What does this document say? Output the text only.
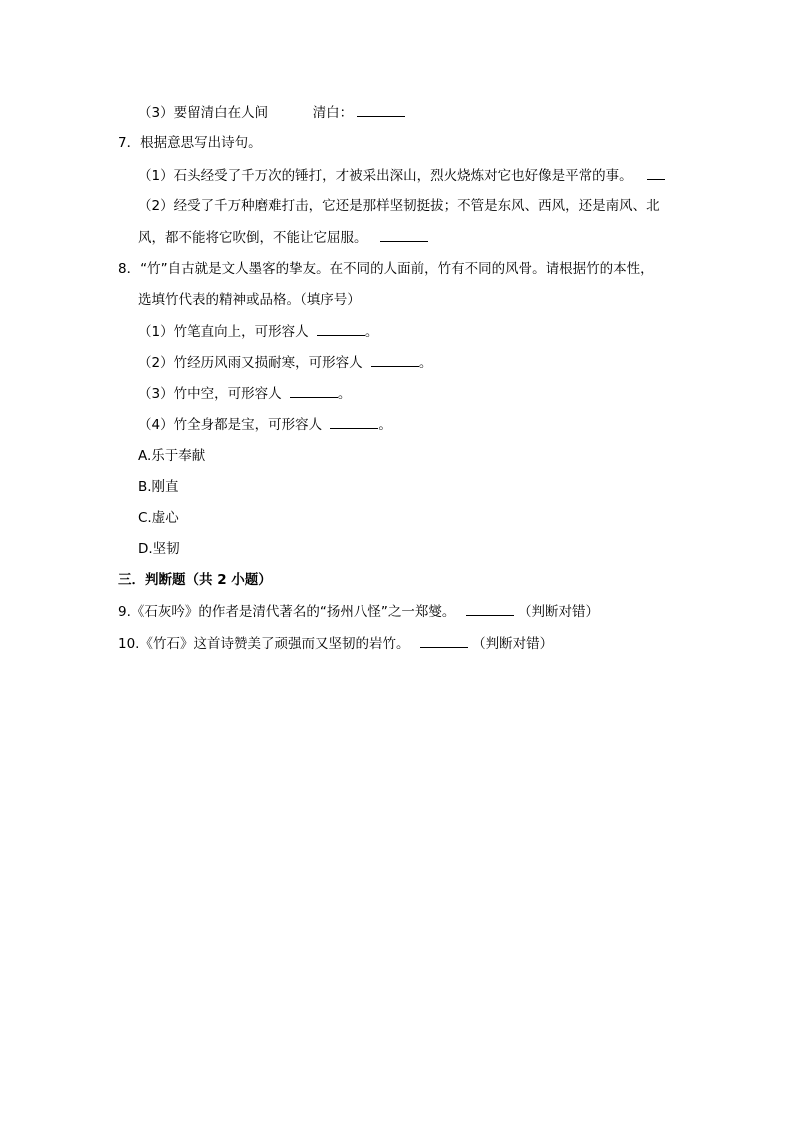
（3）要留清白在人间	清白：
7．根据意思写出诗句。
（1）石头经受了千万次的锤打，才被采出深山，烈火烧炼对它也好像是平常的事。
（2）经受了千万种磨难打击，它还是那样坚韧挺拔；不管是东风、西风，还是南风、北
风，都不能将它吹倒，不能让它屈服。
8．“竹”自古就是文人墨客的挚友。在不同的人面前，竹有不同的风骨。请根据竹的本性，
选填竹代表的精神或品格。（填序号）
（1）竹笔直向上，可形容人	。
（2）竹经历风雨又损耐寒，可形容人	。
（3）竹中空，可形容人	。
（4）竹全身都是宝，可形容人	。
A.乐于奉献
B.刚直
C.虚心
D.坚韧
三．判断题（共 2 小题）
9.《石灰吟》的作者是清代著名的“扬州八怪”之一郑燮。	（判断对错）
10.《竹石》这首诗赞美了顽强而又坚韧的岩竹。	（判断对错）
